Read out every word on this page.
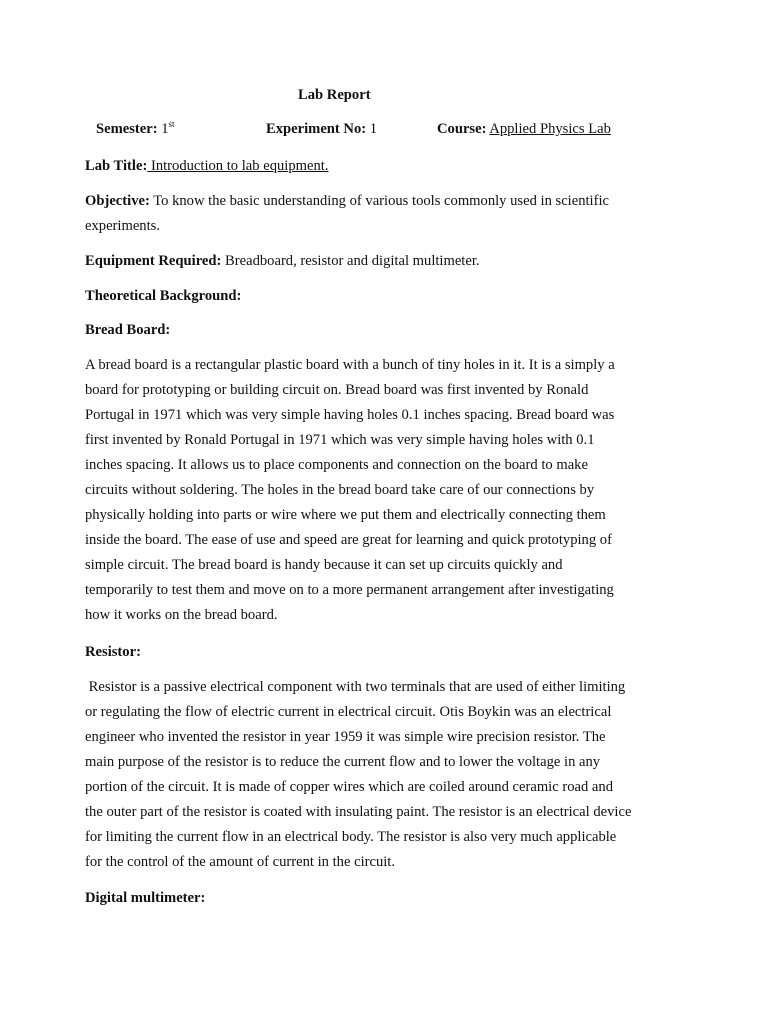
Lab Report
Semester: 1st	Experiment No: 1	Course: Applied Physics Lab
Lab Title: Introduction to lab equipment.

Objective: To know the basic understanding of various tools commonly used in scientific

experiments.

Equipment Required: Breadboard, resistor and digital multimeter.
Theoretical Background:
Bread Board:

A bread board is a rectangular plastic board with a bunch of tiny holes in it. It is a simply a

board for prototyping or building circuit on. Bread board was first invented by Ronald

Portugal in 1971 which was very simple having holes 0.1 inches spacing. Bread board was

first invented by Ronald Portugal in 1971 which was very simple having holes with 0.1

inches spacing. It allows us to place components and connection on the board to make

circuits without soldering. The holes in the bread board take care of our connections by

physically holding into parts or wire where we put them and electrically connecting them

inside the board. The ease of use and speed are great for learning and quick prototyping of

simple circuit. The bread board is handy because it can set up circuits quickly and

temporarily to test them and move on to a more permanent arrangement after investigating

how it works on the bread board.

Resistor:

Resistor is a passive electrical component with two terminals that are used of either limiting

or regulating the flow of electric current in electrical circuit. Otis Boykin was an electrical

engineer who invented the resistor in year 1959 it was simple wire precision resistor. The

main purpose of the resistor is to reduce the current flow and to lower the voltage in any

portion of the circuit. It is made of copper wires which are coiled around ceramic road and

the outer part of the resistor is coated with insulating paint. The resistor is an electrical device

for limiting the current flow in an electrical body. The resistor is also very much applicable

for the control of the amount of current in the circuit.

Digital multimeter:
